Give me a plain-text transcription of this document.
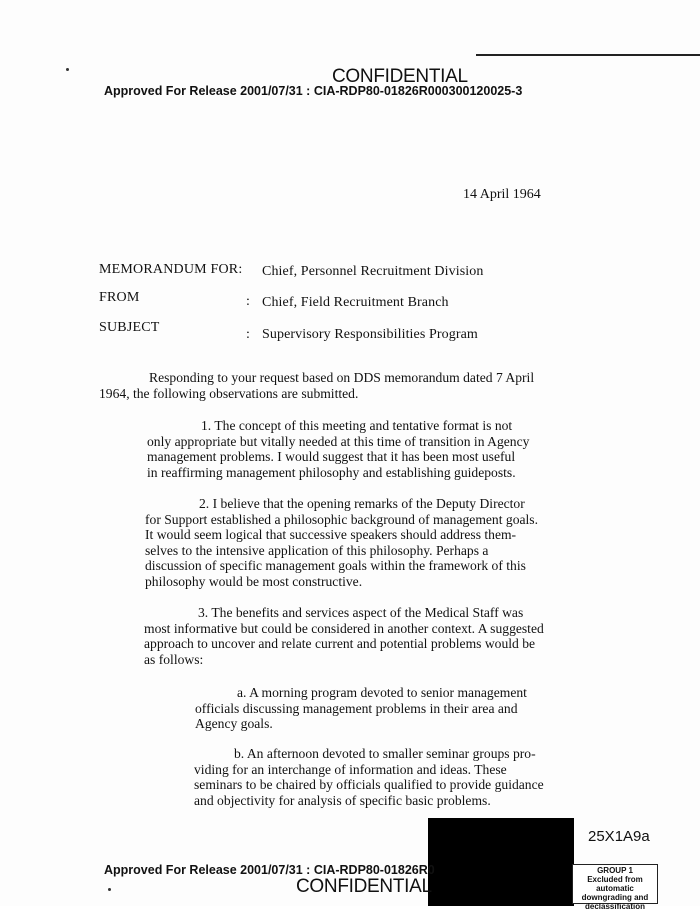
CONFIDENTIAL
Approved For Release 2001/07/31 : CIA-RDP80-01826R000300120025-3
14 April 1964
MEMORANDUM FOR: Chief, Personnel Recruitment Division
FROM	: Chief, Field Recruitment Branch
SUBJECT	: Supervisory Responsibilities Program
Responding to your request based on DDS memorandum dated 7 April
1964, the following observations are submitted.
1. The concept of this meeting and tentative format is not
only appropriate but vitally needed at this time of transition in Agency
management problems. I would suggest that it has been most useful
in reaffirming management philosophy and establishing guideposts.
2. I believe that the opening remarks of the Deputy Director
for Support established a philosophic background of management goals.
It would seem logical that successive speakers should address them-
selves to the intensive application of this philosophy. Perhaps a
discussion of specific management goals within the framework of this
philosophy would be most constructive.
3. The benefits and services aspect of the Medical Staff was
most informative but could be considered in another context. A suggested
approach to uncover and relate current and potential problems would be
as follows:
a. A morning program devoted to senior management
officials discussing management problems in their area and
Agency goals.
b. An afternoon devoted to smaller seminar groups pro-
viding for an interchange of information and ideas. These
seminars to be chaired by officials qualified to provide guidance
and objectivity for analysis of specific basic problems.
25X1A9a
Approved For Release 2001/07/31 : CIA-RDP80-01826R0
CONFIDENTIAL
GROUP 1
Excluded from automatic
downgrading and
declassification
